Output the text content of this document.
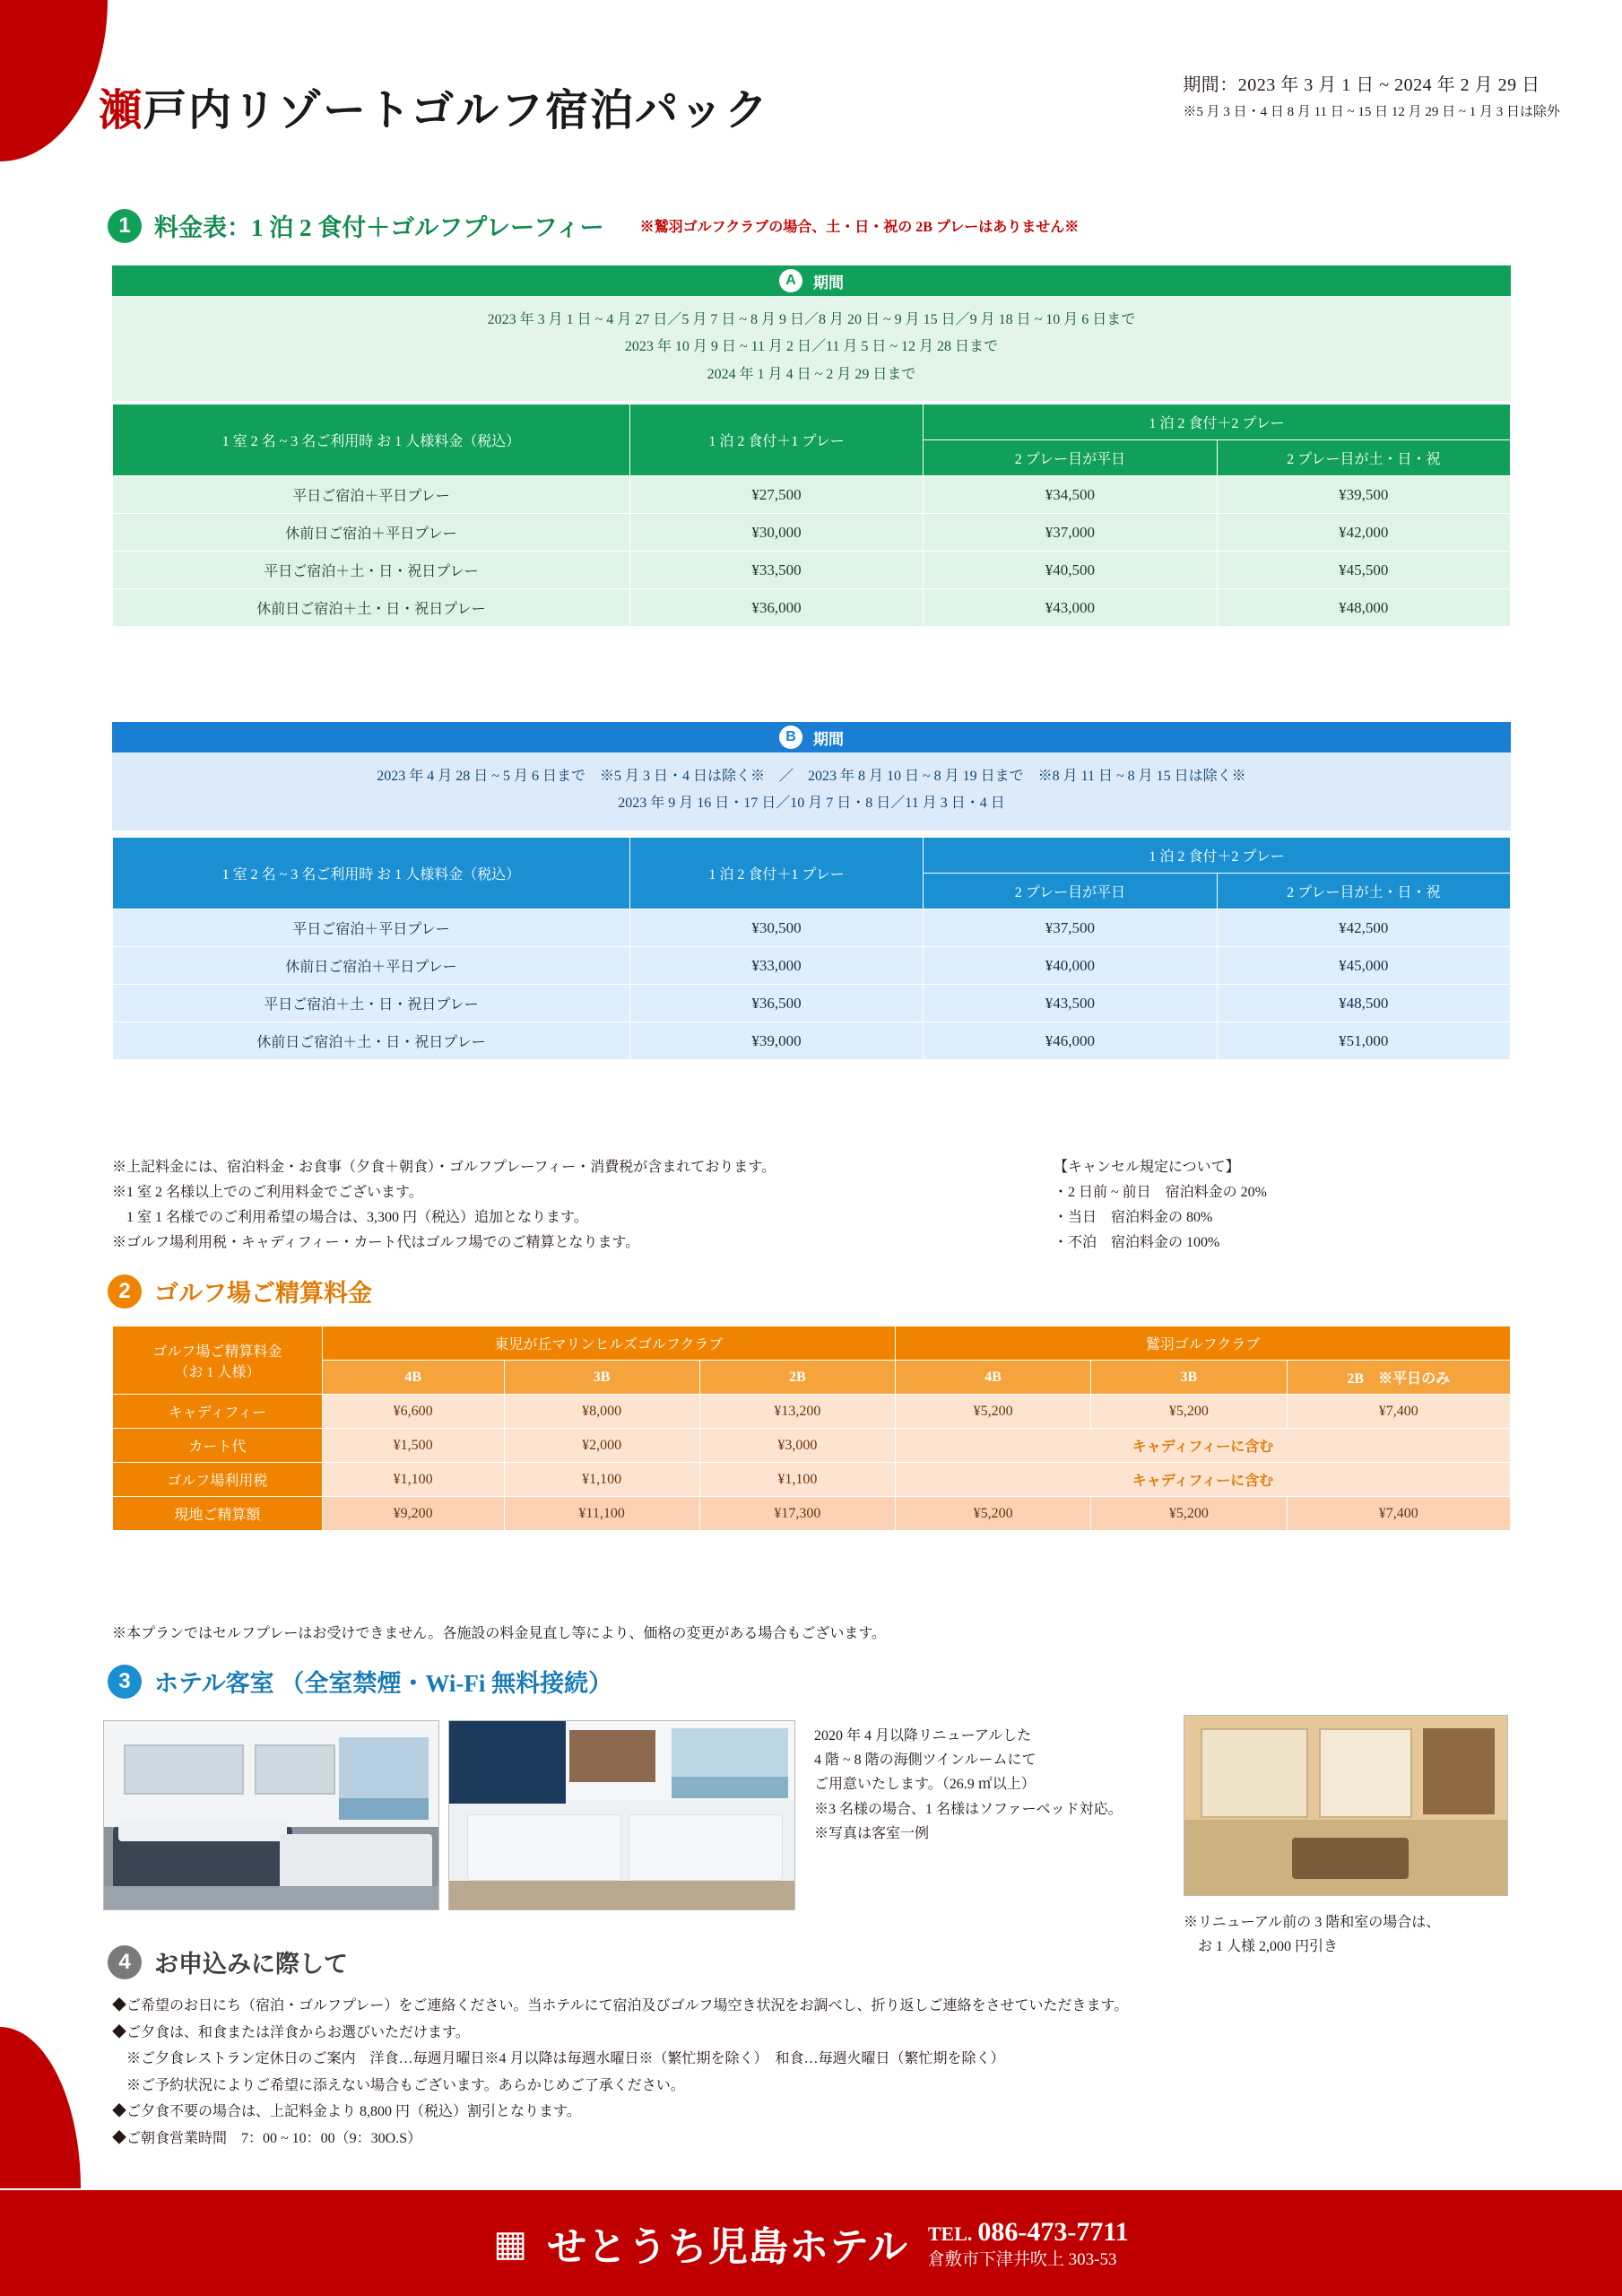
瀬戸内リゾートゴルフ宿泊パック
期間：2023 年 3 月 1 日 ~ 2024 年 2 月 29 日
※5 月 3 日・4 日 8 月 11 日 ~ 15 日 12 月 29 日 ~ 1 月 3 日は除外
1 料金表：1 泊 2 食付＋ゴルフプレーフィー	※鷲羽ゴルフクラブの場合、土・日・祝の 2B プレーはありません※
A	期間
2023 年 3 月 1 日 ~ 4 月 27 日／5 月 7 日 ~ 8 月 9 日／8 月 20 日 ~ 9 月 15 日／9 月 18 日 ~ 10 月 6 日まで
2023 年 10 月 9 日 ~ 11 月 2 日／11 月 5 日 ~ 12 月 28 日まで
2024 年 1 月 4 日 ~ 2 月 29 日まで
1 室 2 名 ~ 3 名ご利用時 お 1 人様料金（税込）	1 泊 2 食付＋1 プレー	1 泊 2 食付＋2 プレー	
		2 プレー目が平日	2 プレー目が土・日・祝
平日ご宿泊＋平日プレー	¥27,500	¥34,500	¥39,500
休前日ご宿泊＋平日プレー	¥30,000	¥37,000	¥42,000
平日ご宿泊＋土・日・祝日プレー	¥33,500	¥40,500	¥45,500
休前日ご宿泊＋土・日・祝日プレー	¥36,000	¥43,000	¥48,000
B	期間
2023 年 4 月 28 日 ~ 5 月 6 日まで　※5 月 3 日・4 日は除く※　／　2023 年 8 月 10 日 ~ 8 月 19 日まで　※8 月 11 日 ~ 8 月 15 日は除く※
2023 年 9 月 16 日・17 日／10 月 7 日・8 日／11 月 3 日・4 日
1 室 2 名 ~ 3 名ご利用時 お 1 人様料金（税込）	1 泊 2 食付＋1 プレー	1 泊 2 食付＋2 プレー	
		2 プレー目が平日	2 プレー目が土・日・祝
平日ご宿泊＋平日プレー	¥30,500	¥37,500	¥42,500
休前日ご宿泊＋平日プレー	¥33,000	¥40,000	¥45,000
平日ご宿泊＋土・日・祝日プレー	¥36,500	¥43,500	¥48,500
休前日ご宿泊＋土・日・祝日プレー	¥39,000	¥46,000	¥51,000
※上記料金には、宿泊料金・お食事（夕食＋朝食）・ゴルフプレーフィー・消費税が含まれております。
※1 室 2 名様以上でのご利用料金でございます。
　1 室 1 名様でのご利用希望の場合は、3,300 円（税込）追加となります。
※ゴルフ場利用税・キャディフィー・カート代はゴルフ場でのご精算となります。
【キャンセル規定について】
・2 日前 ~ 前日　宿泊料金の 20%
・当日　宿泊料金の 80%
・不泊　宿泊料金の 100%
2 ゴルフ場ご精算料金
ゴルフ場ご精算料金
（お 1 人様）	東児が丘マリンヒルズゴルフクラブ			鷲羽ゴルフクラブ		
	4B	3B	2B	4B	3B	2B　※平日のみ
キャディフィー	¥6,600	¥8,000	¥13,200	¥5,200	¥5,200	¥7,400
カート代	¥1,500	¥2,000	¥3,000	キャディフィーに含む		
ゴルフ場利用税	¥1,100	¥1,100	¥1,100	キャディフィーに含む		
現地ご精算額	¥9,200	¥11,100	¥17,300	¥5,200	¥5,200	¥7,400
※本プランではセルフプレーはお受けできません。各施設の料金見直し等により、価格の変更がある場合もございます。
3 ホテル客室 （全室禁煙・Wi-Fi 無料接続）
2020 年 4 月以降リニューアルした
4 階 ~ 8 階の海側ツインルームにて
ご用意いたします。（26.9 ㎡以上）
※3 名様の場合、1 名様はソファーベッド対応。
※写真は客室一例
※リニューアル前の 3 階和室の場合は、
　お 1 人様 2,000 円引き
4 お申込みに際して
◆ご希望のお日にち（宿泊・ゴルフプレー）をご連絡ください。当ホテルにて宿泊及びゴルフ場空き状況をお調べし、折り返しご連絡をさせていただきます。
◆ご夕食は、和食または洋食からお選びいただけます。
　※ご夕食レストラン定休日のご案内　洋食…毎週月曜日※4 月以降は毎週水曜日※（繁忙期を除く）　和食…毎週火曜日（繁忙期を除く）
　※ご予約状況によりご希望に添えない場合もございます。あらかじめご了承ください。
◆ご夕食不要の場合は、上記料金より 8,800 円（税込）割引となります。
◆ご朝食営業時間　7：00 ~ 10：00（9：30O.S）
▦ せとうち児島ホテル TEL. 086-473-7711
倉敷市下津井吹上 303-53
